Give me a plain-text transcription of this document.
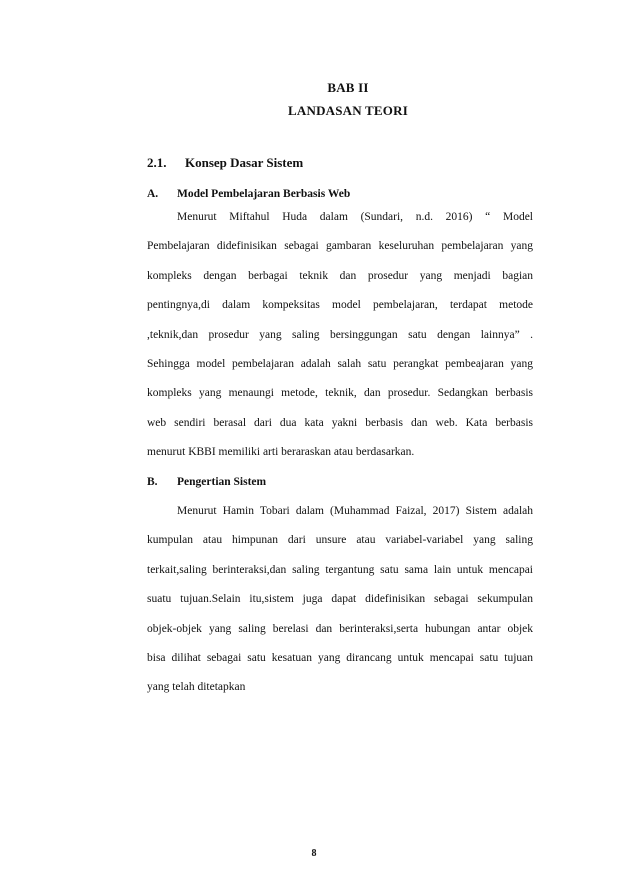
BAB II
LANDASAN TEORI
2.1. Konsep Dasar Sistem
A. Model Pembelajaran Berbasis Web
Menurut Miftahul Huda dalam (Sundari, n.d. 2016) “ Model
Pembelajaran didefinisikan sebagai gambaran keseluruhan pembelajaran yang
kompleks dengan berbagai teknik dan prosedur yang menjadi bagian
pentingnya,di dalam kompeksitas model pembelajaran, terdapat metode
,teknik,dan prosedur yang saling bersinggungan satu dengan lainnya” .
Sehingga model pembelajaran adalah salah satu perangkat pembeajaran yang
kompleks yang menaungi metode, teknik, dan prosedur. Sedangkan berbasis
web sendiri berasal dari dua kata yakni berbasis dan web. Kata berbasis
menurut KBBI memiliki arti beraraskan atau berdasarkan.
B. Pengertian Sistem
Menurut Hamin Tobari dalam (Muhammad Faizal, 2017) Sistem adalah
kumpulan atau himpunan dari unsure atau variabel-variabel yang saling
terkait,saling berinteraksi,dan saling tergantung satu sama lain untuk mencapai
suatu tujuan.Selain itu,sistem juga dapat didefinisikan sebagai sekumpulan
objek-objek yang saling berelasi dan berinteraksi,serta hubungan antar objek
bisa dilihat sebagai satu kesatuan yang dirancang untuk mencapai satu tujuan
yang telah ditetapkan
8
